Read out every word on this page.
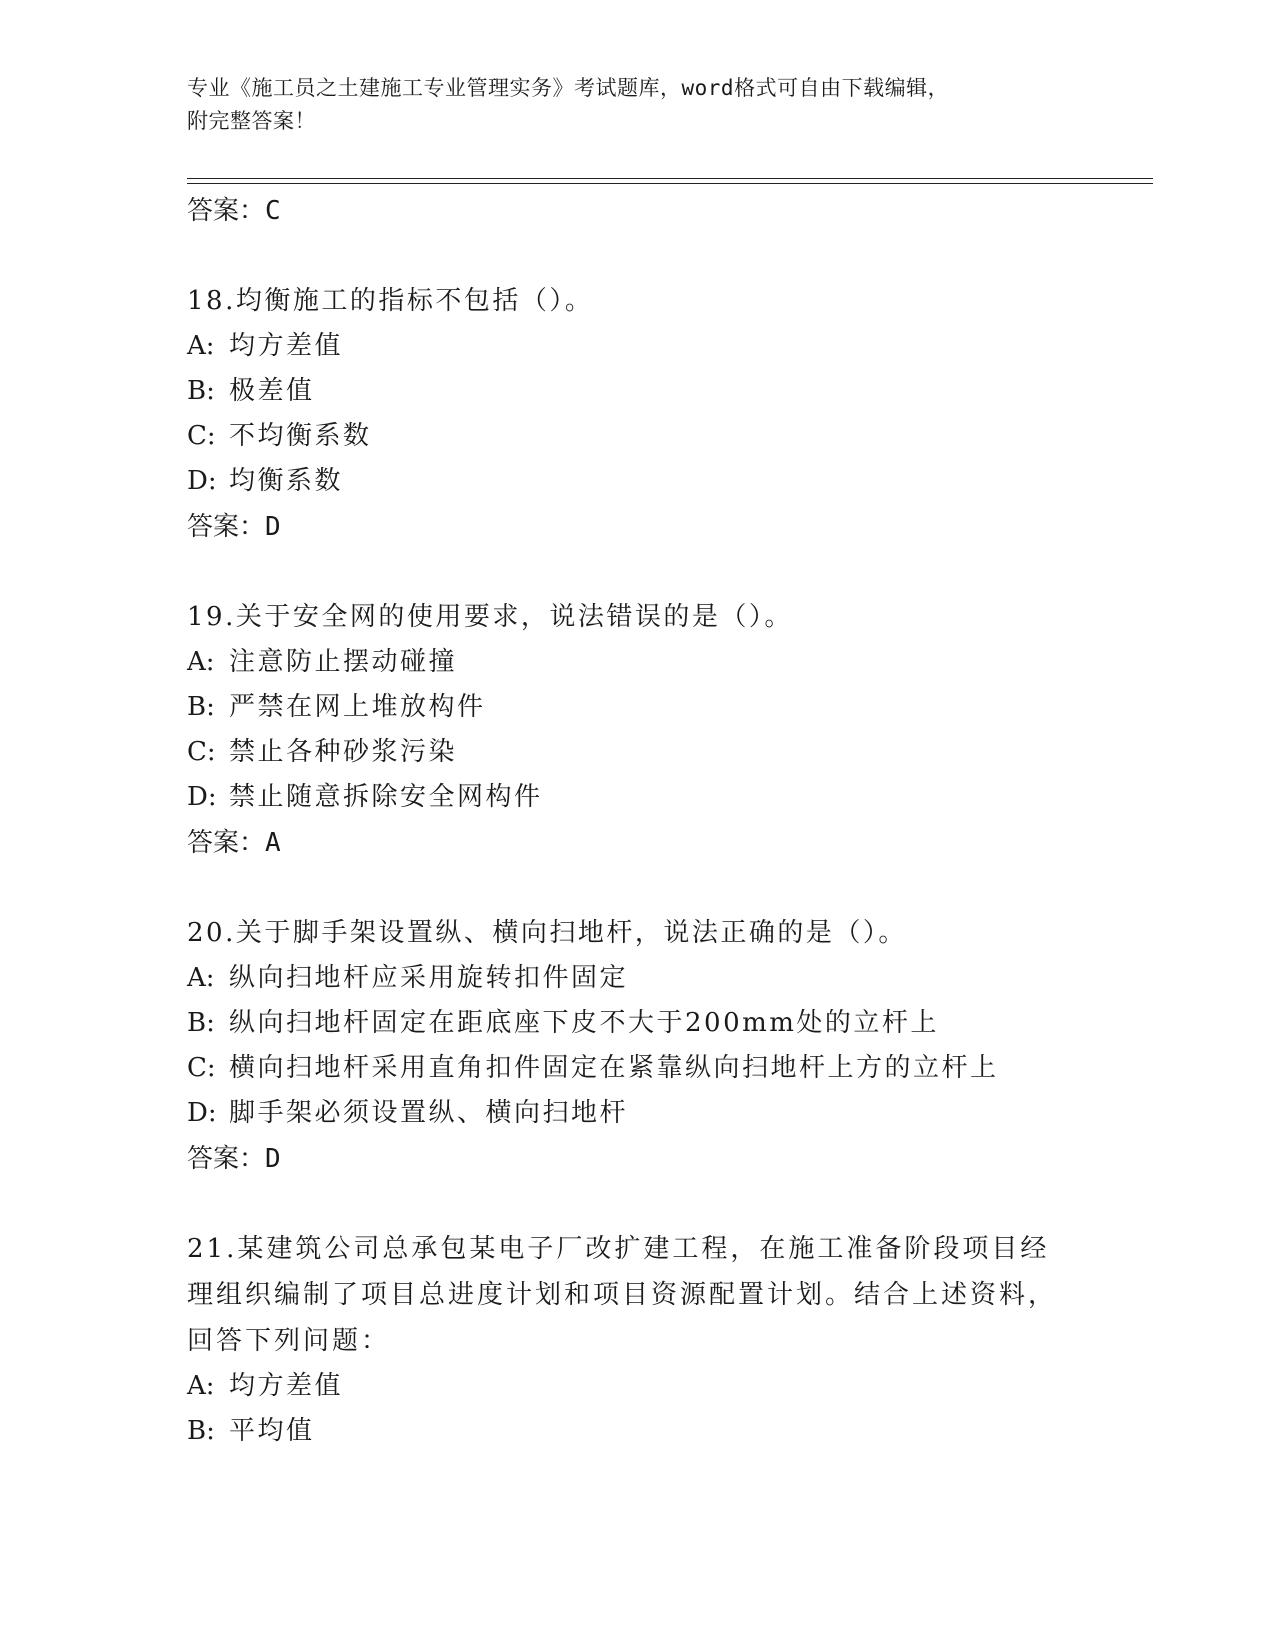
专业《施工员之土建施工专业管理实务》考试题库，word格式可自由下载编辑，
附完整答案！
答案：C
18.均衡施工的指标不包括（）。
A: 均方差值
B: 极差值
C: 不均衡系数
D: 均衡系数
答案：D
19.关于安全网的使用要求，说法错误的是（）。
A: 注意防止摆动碰撞
B: 严禁在网上堆放构件
C: 禁止各种砂浆污染
D: 禁止随意拆除安全网构件
答案：A
20.关于脚手架设置纵、横向扫地杆，说法正确的是（）。
A: 纵向扫地杆应采用旋转扣件固定
B: 纵向扫地杆固定在距底座下皮不大于200mm处的立杆上
C: 横向扫地杆采用直角扣件固定在紧靠纵向扫地杆上方的立杆上
D: 脚手架必须设置纵、横向扫地杆
答案：D
21.某建筑公司总承包某电子厂改扩建工程，在施工准备阶段项目经理组织编制了项目总进度计划和项目资源配置计划。结合上述资料，回答下列问题：
A: 均方差值
B: 平均值
